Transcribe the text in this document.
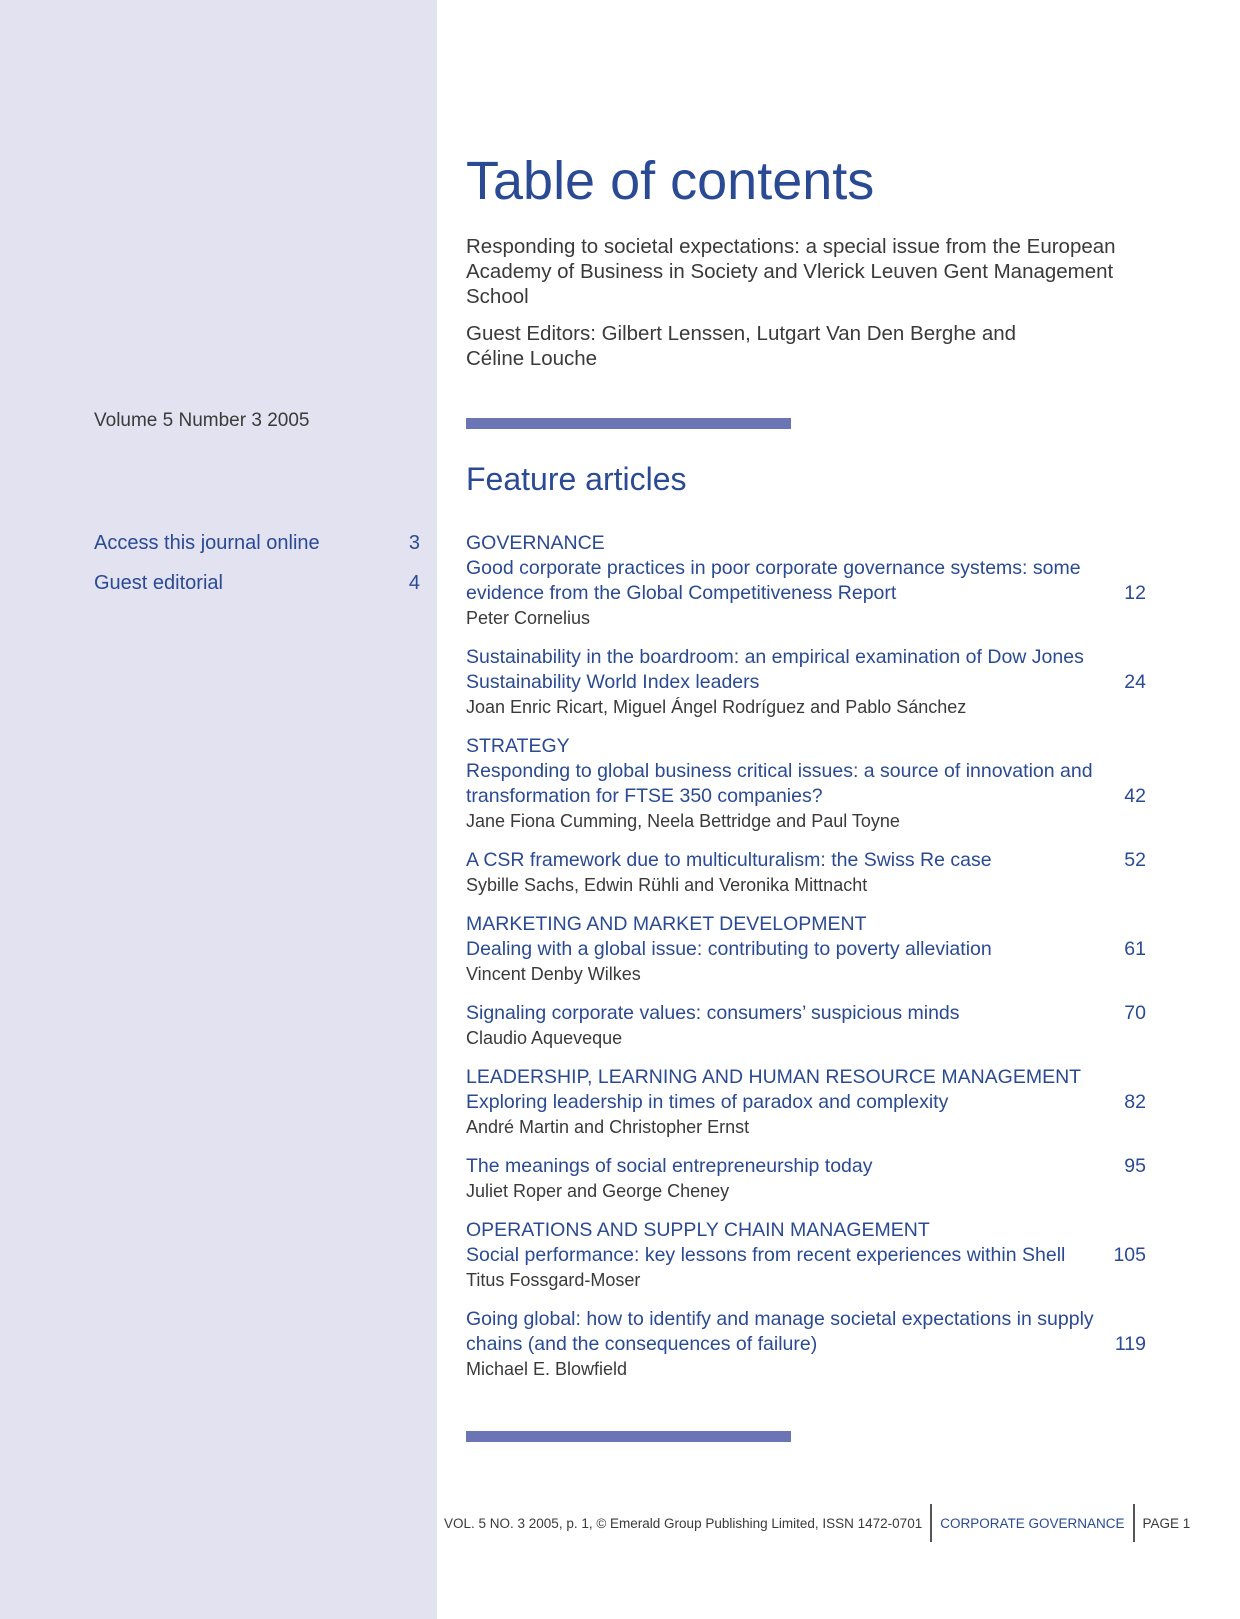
Volume 5 Number 3 2005
Access this journal online	3
Guest editorial	4
Table of contents
Responding to societal expectations: a special issue from the European Academy of Business in Society and Vlerick Leuven Gent Management School
Guest Editors: Gilbert Lenssen, Lutgart Van Den Berghe and Céline Louche
Feature articles
GOVERNANCE
Good corporate practices in poor corporate governance systems: some evidence from the Global Competitiveness Report	12
Peter Cornelius
Sustainability in the boardroom: an empirical examination of Dow Jones Sustainability World Index leaders	24
Joan Enric Ricart, Miguel Ángel Rodríguez and Pablo Sánchez
STRATEGY
Responding to global business critical issues: a source of innovation and transformation for FTSE 350 companies?	42
Jane Fiona Cumming, Neela Bettridge and Paul Toyne
A CSR framework due to multiculturalism: the Swiss Re case	52
Sybille Sachs, Edwin Rühli and Veronika Mittnacht
MARKETING AND MARKET DEVELOPMENT
Dealing with a global issue: contributing to poverty alleviation	61
Vincent Denby Wilkes
Signaling corporate values: consumers’ suspicious minds	70
Claudio Aqueveque
LEADERSHIP, LEARNING AND HUMAN RESOURCE MANAGEMENT
Exploring leadership in times of paradox and complexity	82
André Martin and Christopher Ernst
The meanings of social entrepreneurship today	95
Juliet Roper and George Cheney
OPERATIONS AND SUPPLY CHAIN MANAGEMENT
Social performance: key lessons from recent experiences within Shell	105
Titus Fossgard-Moser
Going global: how to identify and manage societal expectations in supply chains (and the consequences of failure)	119
Michael E. Blowfield
VOL. 5 NO. 3 2005, p. 1, © Emerald Group Publishing Limited, ISSN 1472-0701 CORPORATE GOVERNANCE PAGE 1
